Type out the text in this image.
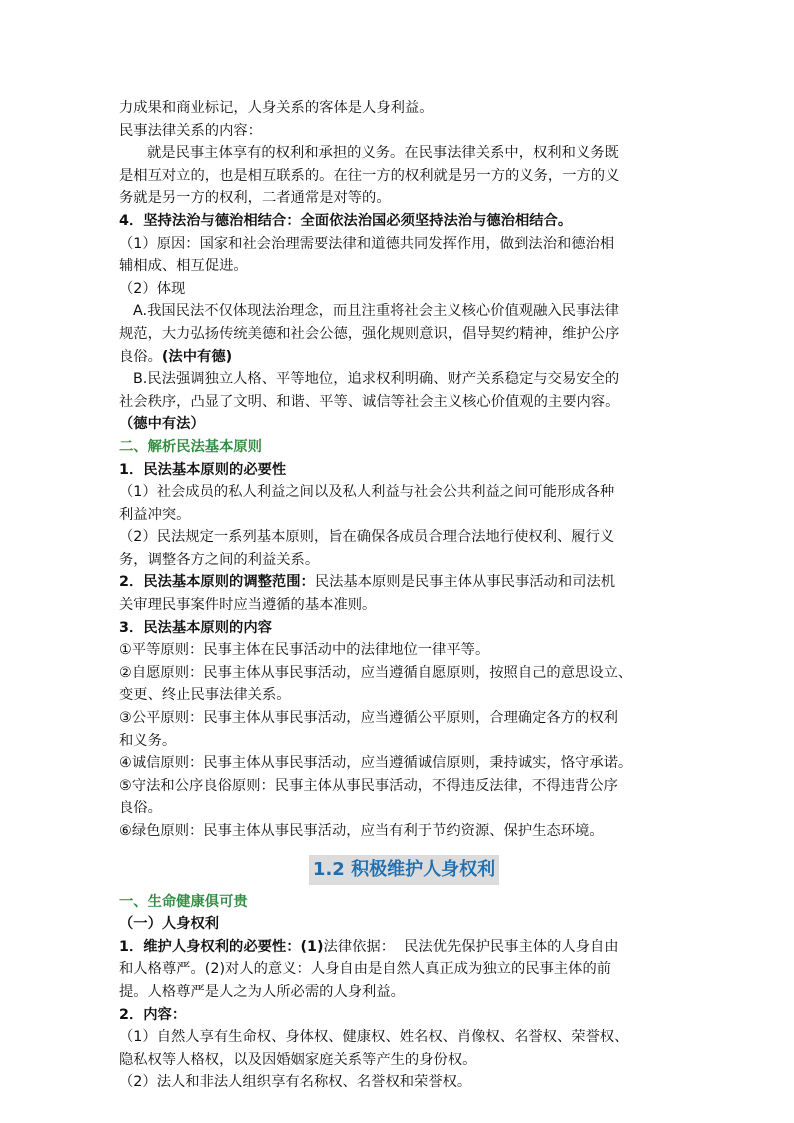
力成果和商业标记，人身关系的客体是人身利益。
民事法律关系的内容：
就是民事主体享有的权利和承担的义务。在民事法律关系中，权利和义务既
是相互对立的，也是相互联系的。在往一方的权利就是另一方的义务，一方的义
务就是另一方的权利，二者通常是对等的。
4．坚持法治与德治相结合：全面依法治国必须坚持法治与德治相结合。
（1）原因：国家和社会治理需要法律和道德共同发挥作用，做到法治和德治相
辅相成、相互促进。
（2）体现
A.我国民法不仅体现法治理念，而且注重将社会主义核心价值观融入民事法律
规范，大力弘扬传统美德和社会公德，强化规则意识，倡导契约精神，维护公序
良俗。(法中有德)
B.民法强调独立人格、平等地位，追求权利明确、财产关系稳定与交易安全的
社会秩序，凸显了文明、和谐、平等、诚信等社会主义核心价值观的主要内容。
（德中有法）
二、解析民法基本原则
1．民法基本原则的必要性
（1）社会成员的私人利益之间以及私人利益与社会公共利益之间可能形成各种
利益冲突。
（2）民法规定一系列基本原则，旨在确保各成员合理合法地行使权利、履行义
务，调整各方之间的利益关系。
2．民法基本原则的调整范围：民法基本原则是民事主体从事民事活动和司法机
关审理民事案件时应当遵循的基本准则。
3．民法基本原则的内容
①平等原则：民事主体在民事活动中的法律地位一律平等。
②自愿原则：民事主体从事民事活动，应当遵循自愿原则，按照自己的意思设立、
变更、终止民事法律关系。
③公平原则：民事主体从事民事活动，应当遵循公平原则，合理确定各方的权利
和义务。
④诚信原则：民事主体从事民事活动，应当遵循诚信原则，秉持诚实，恪守承诺。
⑤守法和公序良俗原则：民事主体从事民事活动，不得违反法律，不得违背公序
良俗。
⑥绿色原则：民事主体从事民事活动，应当有利于节约资源、保护生态环境。
1.2 积极维护人身权利
一、生命健康俱可贵
（一）人身权利
1．维护人身权利的必要性：(1)法律依据：  民法优先保护民事主体的人身自由
和人格尊严。(2)对人的意义：人身自由是自然人真正成为独立的民事主体的前
提。人格尊严是人之为人所必需的人身利益。
2．内容：
（1）自然人享有生命权、身体权、健康权、姓名权、肖像权、名誉权、荣誉权、
隐私权等人格权，以及因婚姻家庭关系等产生的身份权。
（2）法人和非法人组织享有名称权、名誉权和荣誉权。
